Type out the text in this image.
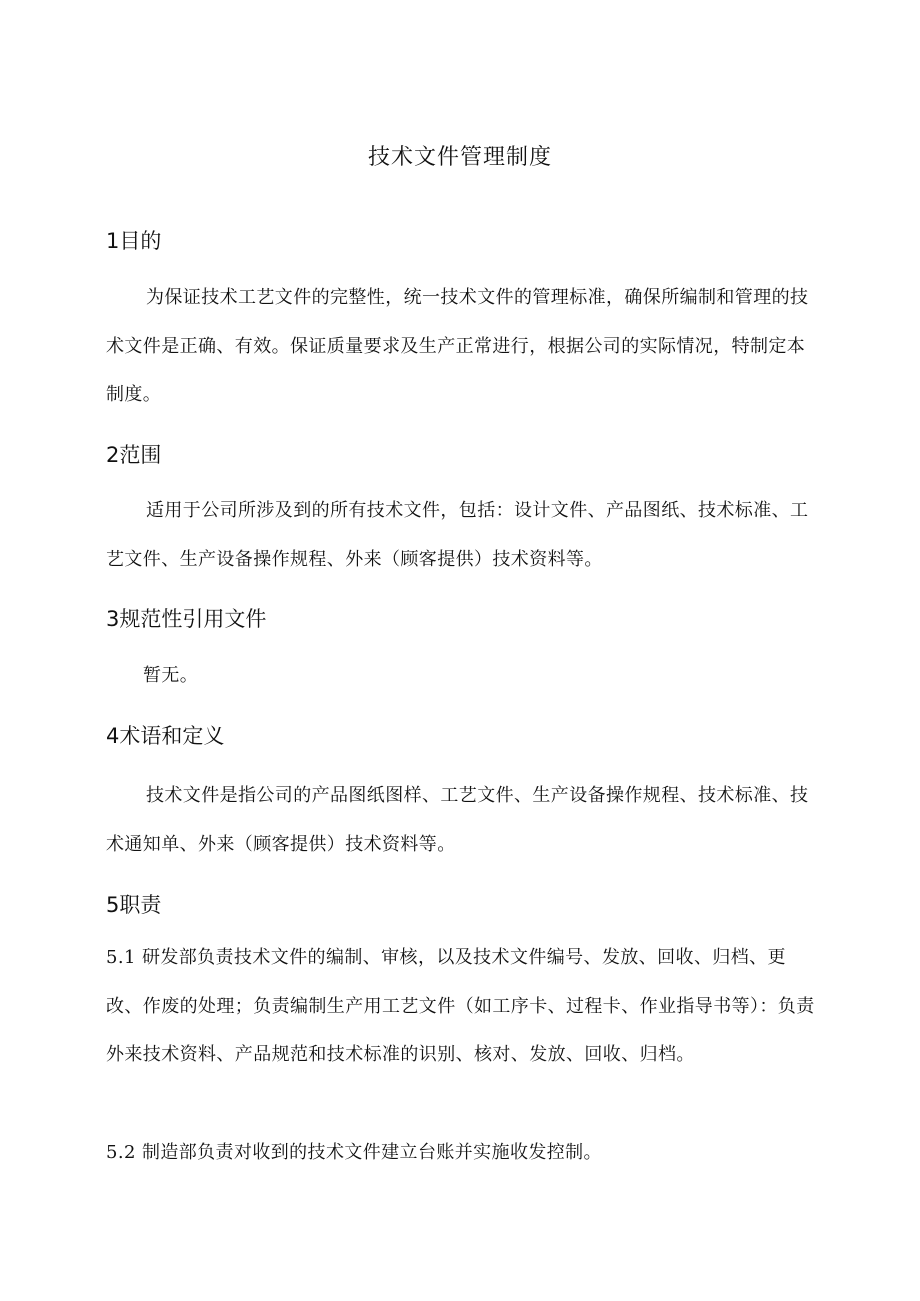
技术文件管理制度
1目的
为保证技术工艺文件的完整性，统一技术文件的管理标准，确保所编制和管理的技术文件是正确、有效。保证质量要求及生产正常进行，根据公司的实际情况，特制定本制度。
2范围
适用于公司所涉及到的所有技术文件，包括：设计文件、产品图纸、技术标准、工艺文件、生产设备操作规程、外来（顾客提供）技术资料等。
3规范性引用文件
暂无。
4术语和定义
技术文件是指公司的产品图纸图样、工艺文件、生产设备操作规程、技术标准、技术通知单、外来（顾客提供）技术资料等。
5职责
5.1 研发部负责技术文件的编制、审核，以及技术文件编号、发放、回收、归档、更改、作废的处理；负责编制生产用工艺文件（如工序卡、过程卡、作业指导书等）：负责外来技术资料、产品规范和技术标准的识别、核对、发放、回收、归档。
5.2 制造部负责对收到的技术文件建立台账并实施收发控制。
